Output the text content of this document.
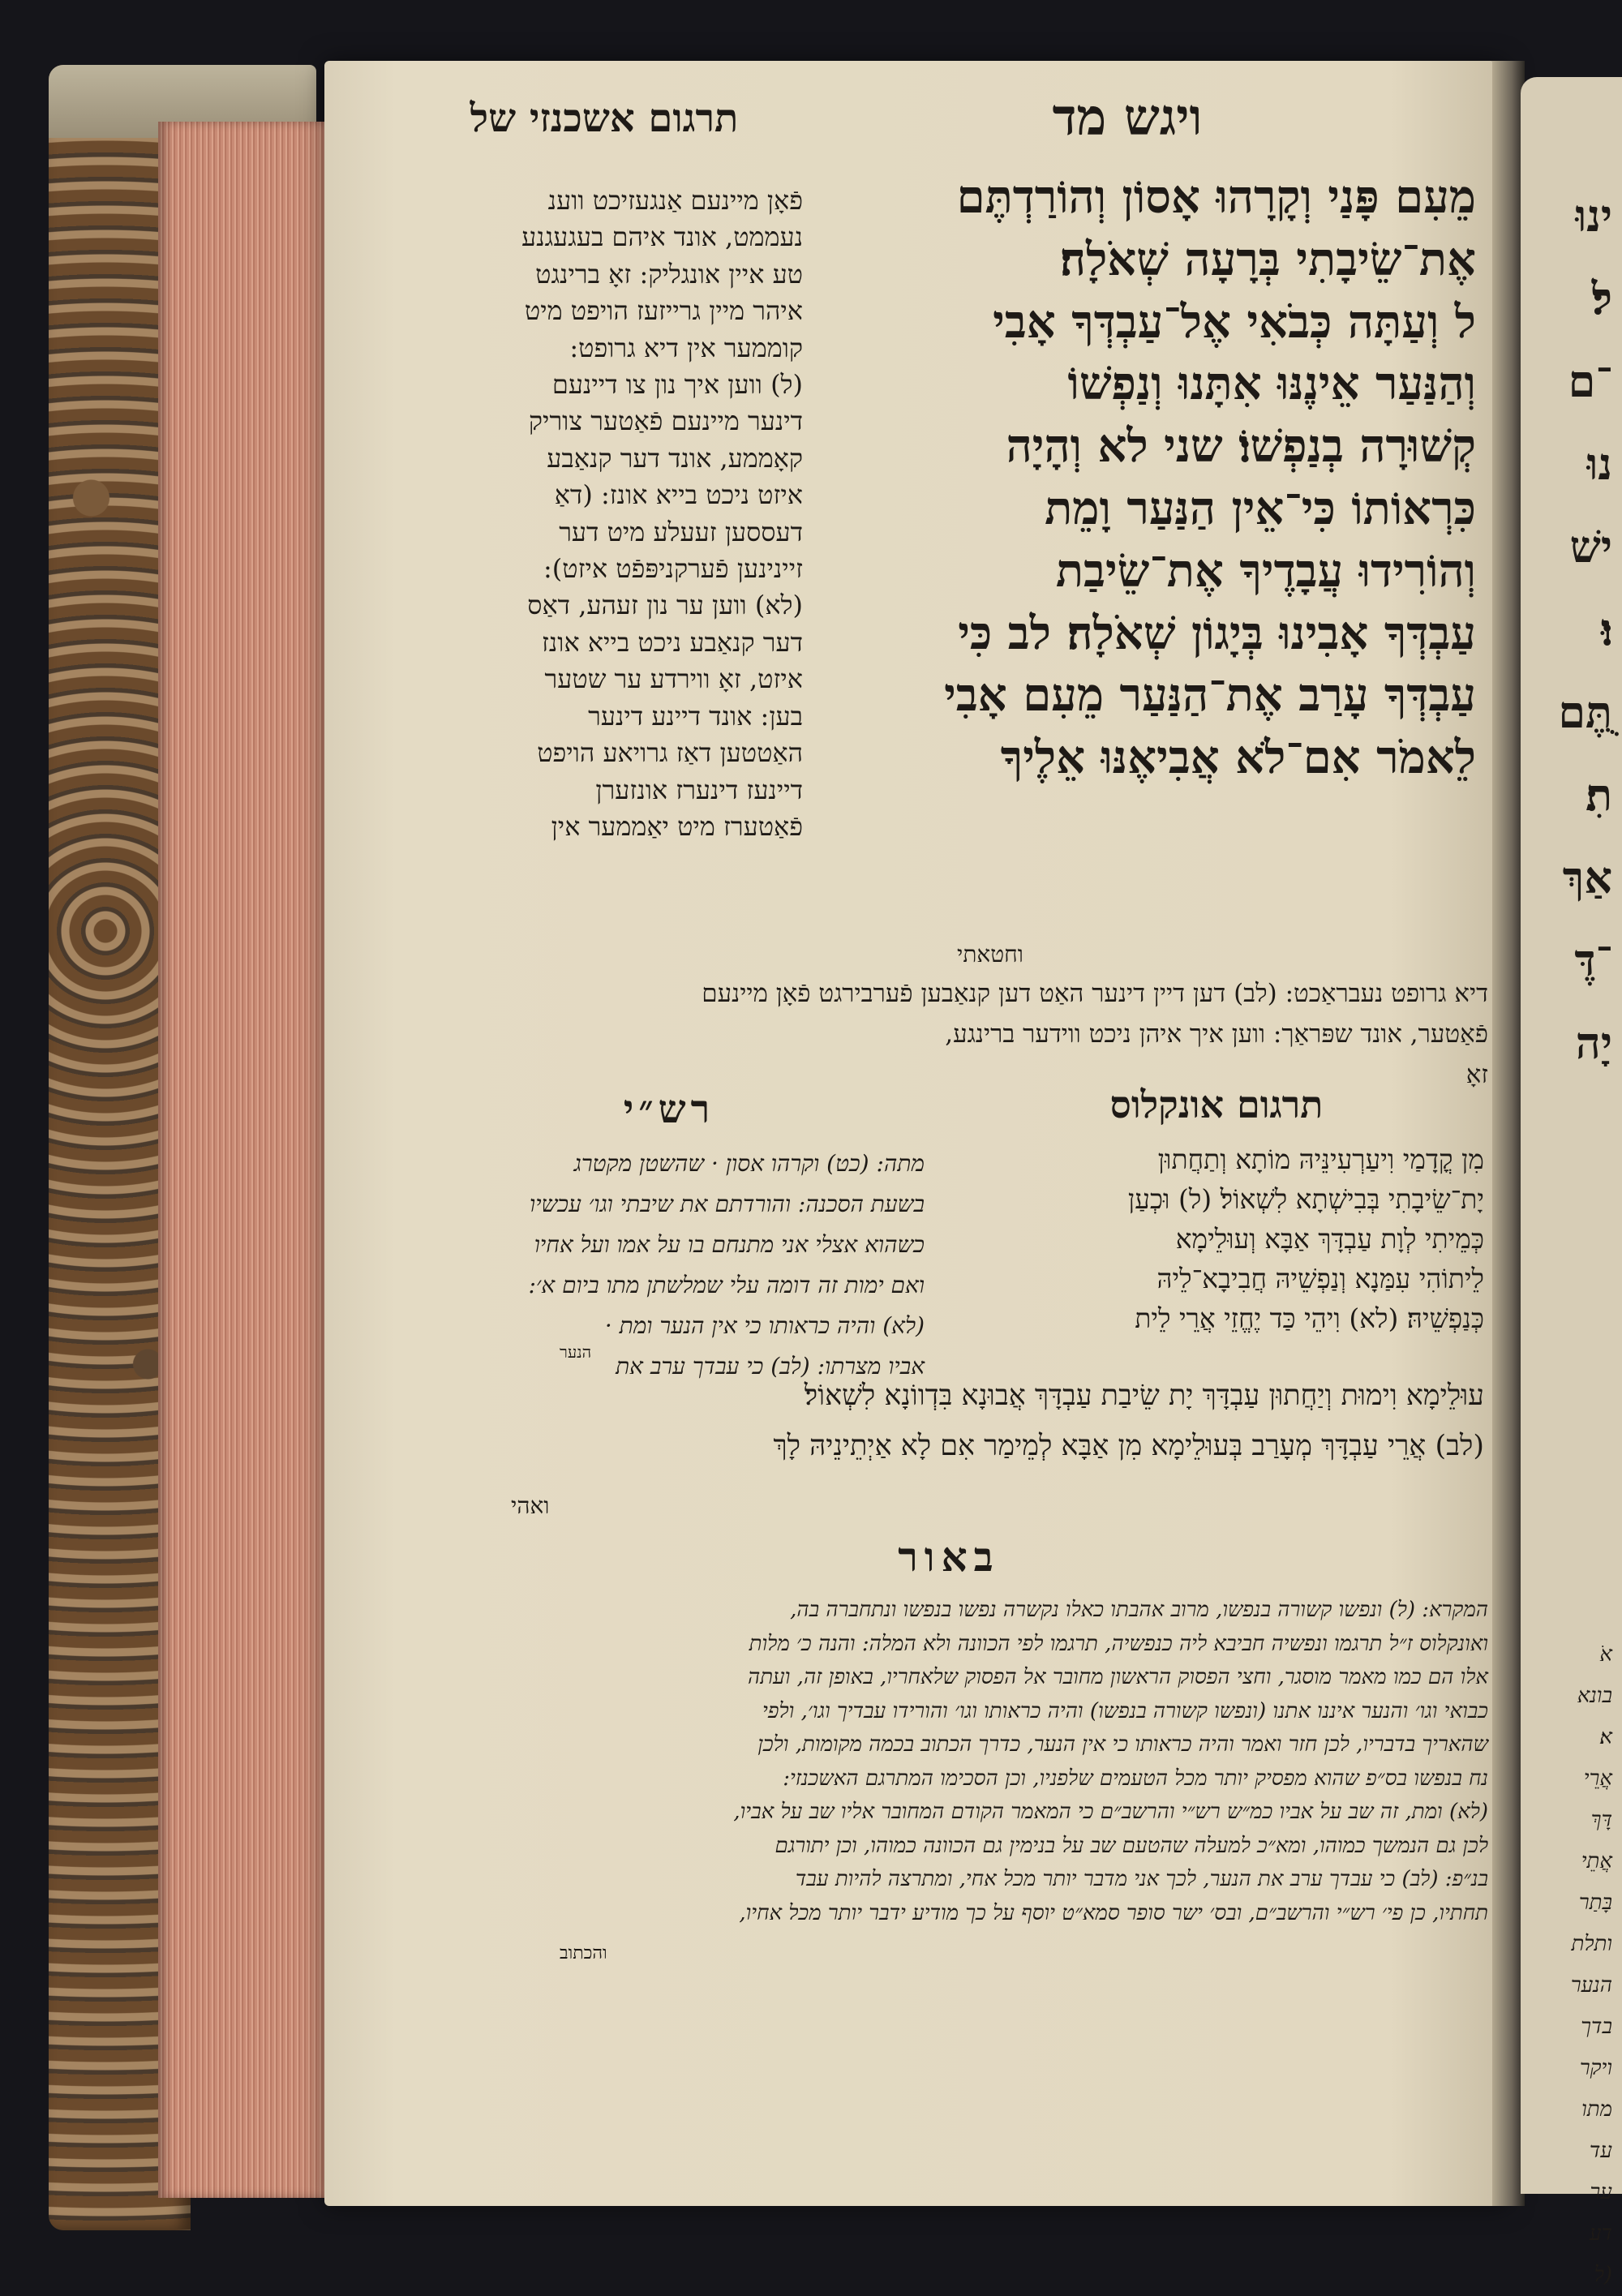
ינוּ
ל׃
־ם
נוּ
ישׁ
וּ׃
ֻתֶּם
תִ׃
אַךְ
־דֶּ
יָה
אֹ
בונא
א׃
אֲרֵי
דָּךְ
אֲתֵי
בָּתַר
ותלת
הנער
בדך
ויקר
מתו
עד
ער
דע
(ל
תרגום אשכנזי של	ויגש מד
פֿאָן מיינעם אַנגעזיכט ווענ
נעממט, אונד איהם בעגעגנע
טע איין אונגליק: זאָ ברינגט
איהר מיין גרייזעז הויפט מיט
קוממער אין דיא גרופט:
(ל) ווען איך נון צו דיינעם
דינער מיינעם פֿאַטער צוריק
קאָממע, אונד דער קנאַבע
איזט ניכט בייא אונז: (דאַ
דעססען זעעלע מיט דער
זיינינען פֿערקניפּפֿט איזט):
(לא) ווען ער נון זעהע, דאַס
דער קנאַבע ניכט בייא אונז
איזט, זאָ ווירדע ער שטער
בען: אונד דיינע דינער
האַטטען דאַז גרויאע הויפט
דיינעז דינערז אונזערן
פֿאַטערז מיט יאַממער אין
מֵעִם פָּנַי וְקָרָהוּ אָסוֹן וְהוֹרַדְתֶּם
אֶת־שֵׂיבָתִי בְּרָעָה שְׁאֹלָה׃
ל וְעַתָּה כְּבֹאִי אֶל־עַבְדְּךָ אָבִי
וְהַנַּעַר אֵינֶנּוּ אִתָּנוּ וְנַפְשׁוֹ
קְשׁוּרָה בְנַפְשׁוֹ׃ שני לא וְהָיָה
כִּרְאוֹתוֹ כִּי־אֵין הַנַּעַר וָמֵת
וְהוֹרִידוּ עֲבָדֶיךָ אֶת־שֵׂיבַת
עַבְדְּךָ אָבִינוּ בְּיָגוֹן שְׁאֹלָה׃ לב כִּי
עַבְדְּךָ עָרַב אֶת־הַנַּעַר מֵעִם אָבִי
לֵאמֹר אִם־לֹא אֲבִיאֶנּוּ אֵלֶיךָ
וחטאתי
דיא גרופט נעבראַכט: (לב) דען דיין דינער האַט דען קנאַבען פֿערבירגט פֿאָן מיינעם
פֿאַטער, אונד שפּראַך: ווען איך איהן ניכט ווידער ברינגע,
זאָ
תרגום אונקלוס
רש״י
מִן קֳדָמַי וִיעַרְעִינֵּיהּ מוֹתָא וְתַחֲתוּן
יָת־שֵׂיבָתִי בְּבִישְׁתָא לִשְׁאוֹל׃ (ל) וּכְעַן
כְּמֵיתִי לְוָת עַבְדָּךְ אַבָּא וְעוּלֵימָא
לֵיתוֹהִי עִמַּנָא וְנַפְשֵׁיהּ חֲבִיבָא־לֵיהּ
כְּנַפְשֵׁיהּ׃ (לא) וִיהֵי כַּד יֶחֱזֵי אֲרֵי לֵית
מתה: (כט) וקרהו אסון · שהשטן מקטרג
בשעת הסכנה: והורדתם את שיבתי וגו׳ עכשיו
כשהוא אצלי אני מתנחם בו על אמו ועל אחיו
ואם ימות זה דומה עלי שמלשתן מתו ביום א׳:
(לא) והיה כראותו כי אין הנער ומת ·
אביו מצרתו: (לב) כי עבדך ערב את
הנער
עוּלֵימָא וִימוּת וְיַחֲתוּן עַבְדָּךְ יָת שֵׂיבַת עַבְדָּךְ אֲבוּנָא בִּדְווֹנָא לִשְׁאוֹל׃
(לב) אֲרֵי עַבְדָּךְ מְעָרַב בְּעוּלֵימָא מִן אַבָּא לְמֵימַר אִם לָא אַיְתֵינֵיהּ לָךְ
ואהי
באור
המקרא: (ל) ונפשו קשורה בנפשו, מרוב אהבתו כאלו נקשרה נפשו בנפשו ונתחברה בה,
ואונקלוס ז״ל תרגמו ונפשיה חביבא ליה כנפשיה, תרגמו לפי הכוונה ולא המלה: והנה כ׳ מלות
אלו הם כמו מאמר מוסגר, וחצי הפסוק הראשון מחובר אל הפסוק שלאחריו, באופן זה, ועתה
כבואי וגו׳ והנער איננו אתנו (ונפשו קשורה בנפשו) והיה כראותו וגו׳ והורידו עבדיך וגו׳, ולפי
שהאריך בדבריו, לכן חזר ואמר והיה כראותו כי אין הנער, כדרך הכתוב בכמה מקומות, ולכן
נח בנפשו בס״פ שהוא מפסיק יותר מכל הטעמים שלפניו, וכן הסכימו המתרגם האשכנזי:
(לא) ומת, זה שב על אביו כמ״ש רש״י והרשב״ם כי המאמר הקודם המחובר אליו שב על אביו,
לכן גם הנמשך כמוהו, ומא״כ למעלה שהטעם שב על בנימין גם הכוונה כמוהו, וכן יתורגם
בנ״פ: (לב) כי עבדך ערב את הנער, לכך אני מדבר יותר מכל אחי, ומתרצה להיות עבד
תחתיו, כן פי׳ רש״י והרשב״ם, ובס׳ ישר סופר סמא״ט יוסף על כך מודיע ידבר יותר מכל אחיו,
והכתוב
